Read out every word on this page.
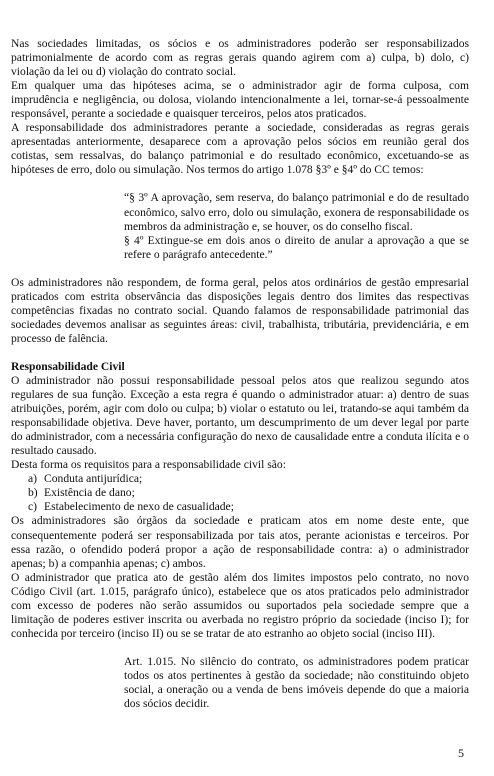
Nas sociedades limitadas, os sócios e os administradores poderão ser responsabilizados patrimonialmente de acordo com as regras gerais quando agirem com a) culpa, b) dolo, c) violação da lei ou d) violação do contrato social.

Em qualquer uma das hipóteses acima, se o administrador agir de forma culposa, com imprudência e negligência, ou dolosa, violando intencionalmente a lei, tornar-se-á pessoalmente responsável, perante a sociedade e quaisquer terceiros, pelos atos praticados.

A responsabilidade dos administradores perante a sociedade, consideradas as regras gerais apresentadas anteriormente, desaparece com a aprovação pelos sócios em reunião geral dos cotistas, sem ressalvas, do balanço patrimonial e do resultado econômico, excetuando-se as hipóteses de erro, dolo ou simulação. Nos termos do artigo 1.078 §3º e §4º do CC temos:

“§ 3º A aprovação, sem reserva, do balanço patrimonial e do de resultado econômico, salvo erro, dolo ou simulação, exonera de responsabilidade os membros da administração e, se houver, os do conselho fiscal.

§ 4º Extingue-se em dois anos o direito de anular a aprovação a que se refere o parágrafo antecedente.”

Os administradores não respondem, de forma geral, pelos atos ordinários de gestão empresarial praticados com estrita observância das disposições legais dentro dos limites das respectivas competências fixadas no contrato social. Quando falamos de responsabilidade patrimonial das sociedades devemos analisar as seguintes áreas: civil, trabalhista, tributária, previdenciária, e em processo de falência.

Responsabilidade Civil

O administrador não possui responsabilidade pessoal pelos atos que realizou segundo atos regulares de sua função. Exceção a esta regra é quando o administrador atuar: a) dentro de suas atribuições, porém, agir com dolo ou culpa; b) violar o estatuto ou lei, tratando-se aqui também da responsabilidade objetiva. Deve haver, portanto, um descumprimento de um dever legal por parte do administrador, com a necessária configuração do nexo de causalidade entre a conduta ilícita e o resultado causado.

Desta forma os requisitos para a responsabilidade civil são:

a) Conduta antijurídica;
b) Existência de dano;
c) Estabelecimento de nexo de casualidade;

Os administradores são órgãos da sociedade e praticam atos em nome deste ente, que consequentemente poderá ser responsabilizada por tais atos, perante acionistas e terceiros. Por essa razão, o ofendido poderá propor a ação de responsabilidade contra: a) o administrador apenas; b) a companhia apenas; c) ambos.

O administrador que pratica ato de gestão além dos limites impostos pelo contrato, no novo Código Civil (art. 1.015, parágrafo único), estabelece que os atos praticados pelo administrador com excesso de poderes não serão assumidos ou suportados pela sociedade sempre que a limitação de poderes estiver inscrita ou averbada no registro próprio da sociedade (inciso I); for conhecida por terceiro (inciso II) ou se se tratar de ato estranho ao objeto social (inciso III).

Art. 1.015. No silêncio do contrato, os administradores podem praticar todos os atos pertinentes à gestão da sociedade; não constituindo objeto social, a oneração ou a venda de bens imóveis depende do que a maioria dos sócios decidir.

5
